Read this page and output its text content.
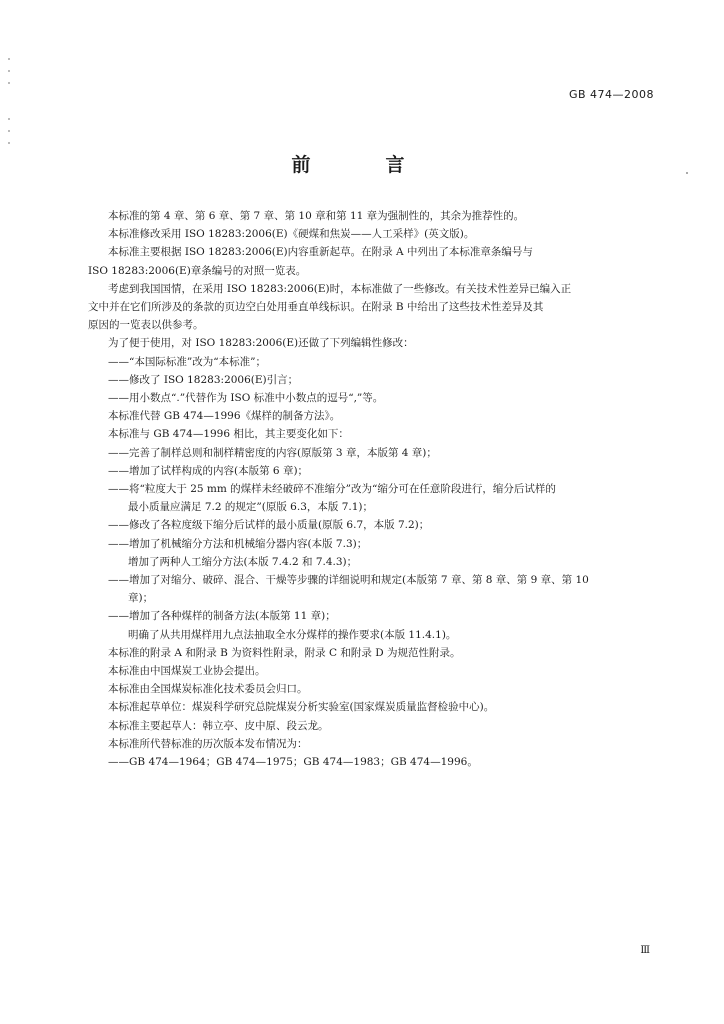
GB 474—2008
前　言

本标准的第 4 章、第 6 章、第 7 章、第 10 章和第 11 章为强制性的，其余为推荐性的。

本标准修改采用 ISO 18283:2006(E)《硬煤和焦炭——人工采样》(英文版)。

本标准主要根据 ISO 18283:2006(E)内容重新起草。在附录 A 中列出了本标准章条编号与

ISO 18283:2006(E)章条编号的对照一览表。

考虑到我国国情，在采用 ISO 18283:2006(E)时，本标准做了一些修改。有关技术性差异已编入正

文中并在它们所涉及的条款的页边空白处用垂直单线标识。在附录 B 中给出了这些技术性差异及其

原因的一览表以供参考。

为了便于使用，对 ISO 18283:2006(E)还做了下列编辑性修改：

——“本国际标准”改为“本标准”；

——修改了 ISO 18283:2006(E)引言；

——用小数点“.”代替作为 ISO 标准中小数点的逗号“,”等。

本标准代替 GB 474—1996《煤样的制备方法》。

本标准与 GB 474—1996 相比，其主要变化如下：

——完善了制样总则和制样精密度的内容(原版第 3 章，本版第 4 章)；

——增加了试样构成的内容(本版第 6 章)；

——将“粒度大于 25 mm 的煤样未经破碎不准缩分”改为“缩分可在任意阶段进行，缩分后试样的

最小质量应满足 7.2 的规定”(原版 6.3，本版 7.1)；

——修改了各粒度级下缩分后试样的最小质量(原版 6.7，本版 7.2)；

——增加了机械缩分方法和机械缩分器内容(本版 7.3)；

增加了两种人工缩分方法(本版 7.4.2 和 7.4.3)；

——增加了对缩分、破碎、混合、干燥等步骤的详细说明和规定(本版第 7 章、第 8 章、第 9 章、第 10

章)；

——增加了各种煤样的制备方法(本版第 11 章)；

明确了从共用煤样用九点法抽取全水分煤样的操作要求(本版 11.4.1)。

本标准的附录 A 和附录 B 为资料性附录，附录 C 和附录 D 为规范性附录。

本标准由中国煤炭工业协会提出。

本标准由全国煤炭标准化技术委员会归口。

本标准起草单位：煤炭科学研究总院煤炭分析实验室(国家煤炭质量监督检验中心)。

本标准主要起草人：韩立亭、皮中原、段云龙。

本标准所代替标准的历次版本发布情况为：

——GB 474—1964；GB 474—1975；GB 474—1983；GB 474—1996。

Ⅲ
